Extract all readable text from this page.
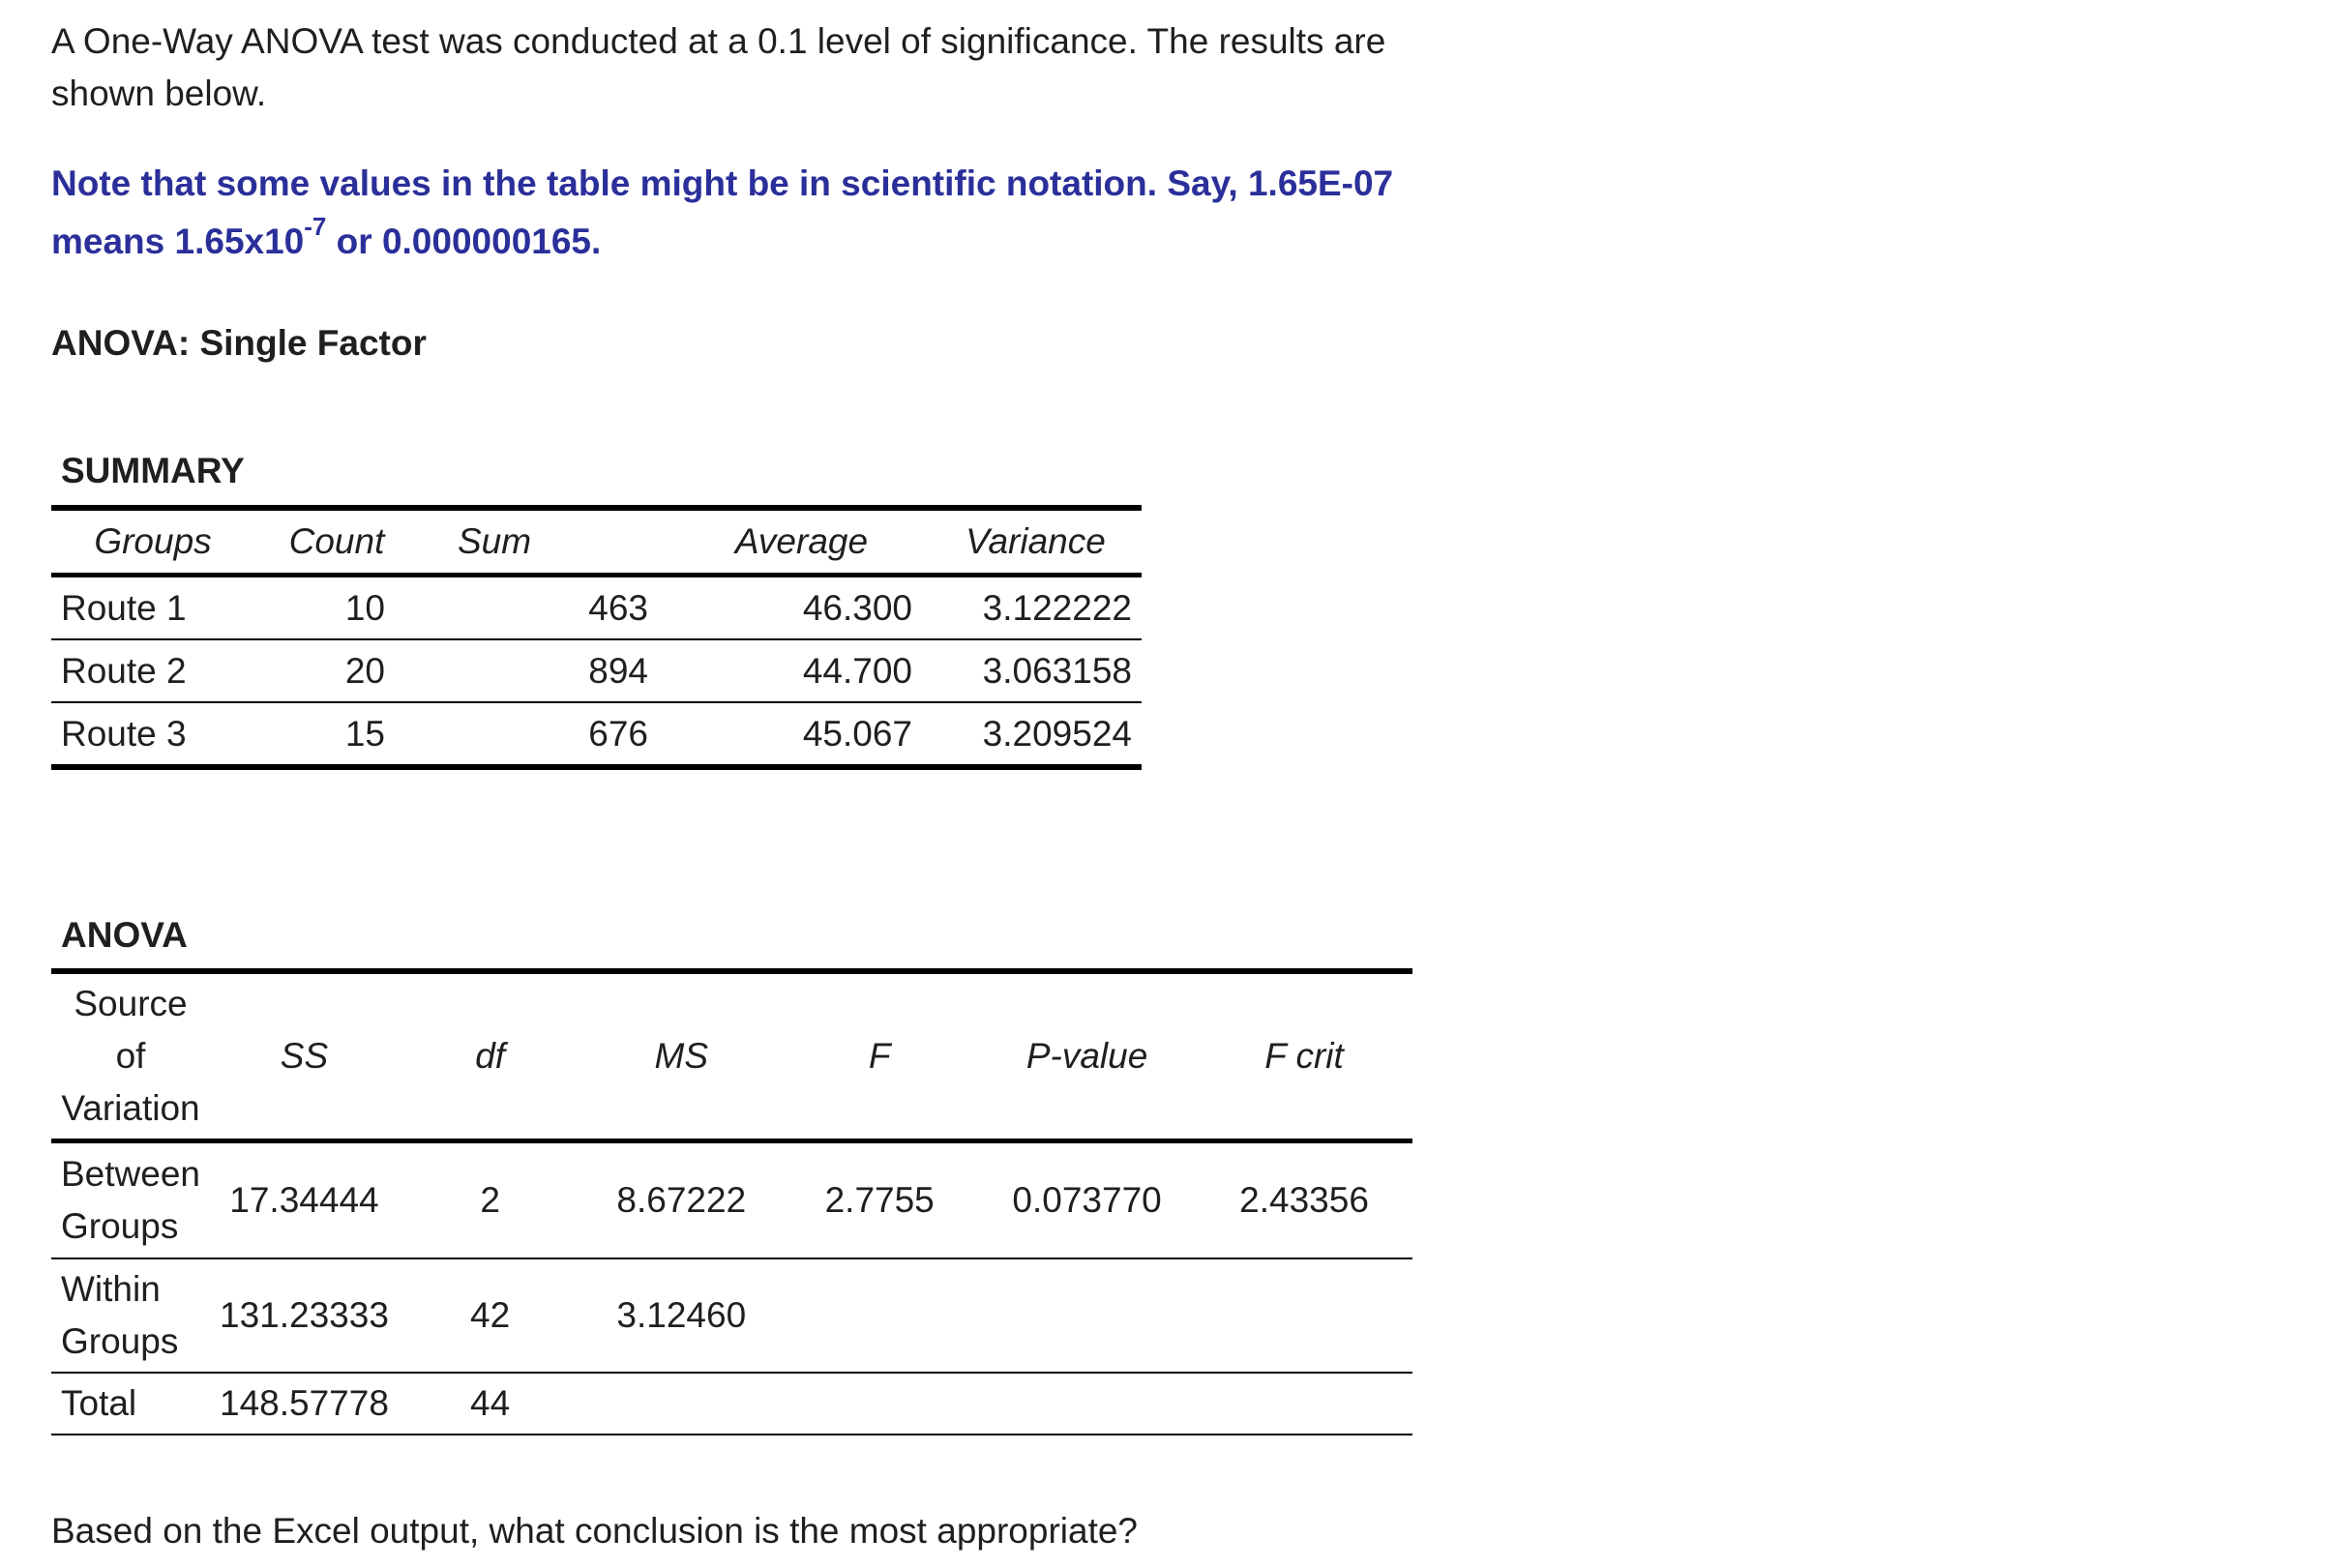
A One-Way ANOVA test was conducted at a 0.1 level of significance. The results are

shown below.

Note that some values in the table might be in scientific notation. Say, 1.65E-07
means $1.65x10^{-7}$ or 0.000000165.

ANOVA: Single Factor

SUMMARY

Groups	Count	Sum	Average	Variance
Route 1	10	463	46.300	3.122222
Route 2	20	894	44.700	3.063158
Route 3	15	676	45.067	3.209524

ANOVA

Source
of
Variation	SS	df	MS	F	P-value	F crit

Between
Groups	17.34444	2	8.67222	2.7755	0.073770	2.43356

Within
Groups	131.23333	42	3.12460			

Total	148.57778	44				

Based on the Excel output, what conclusion is the most appropriate?
